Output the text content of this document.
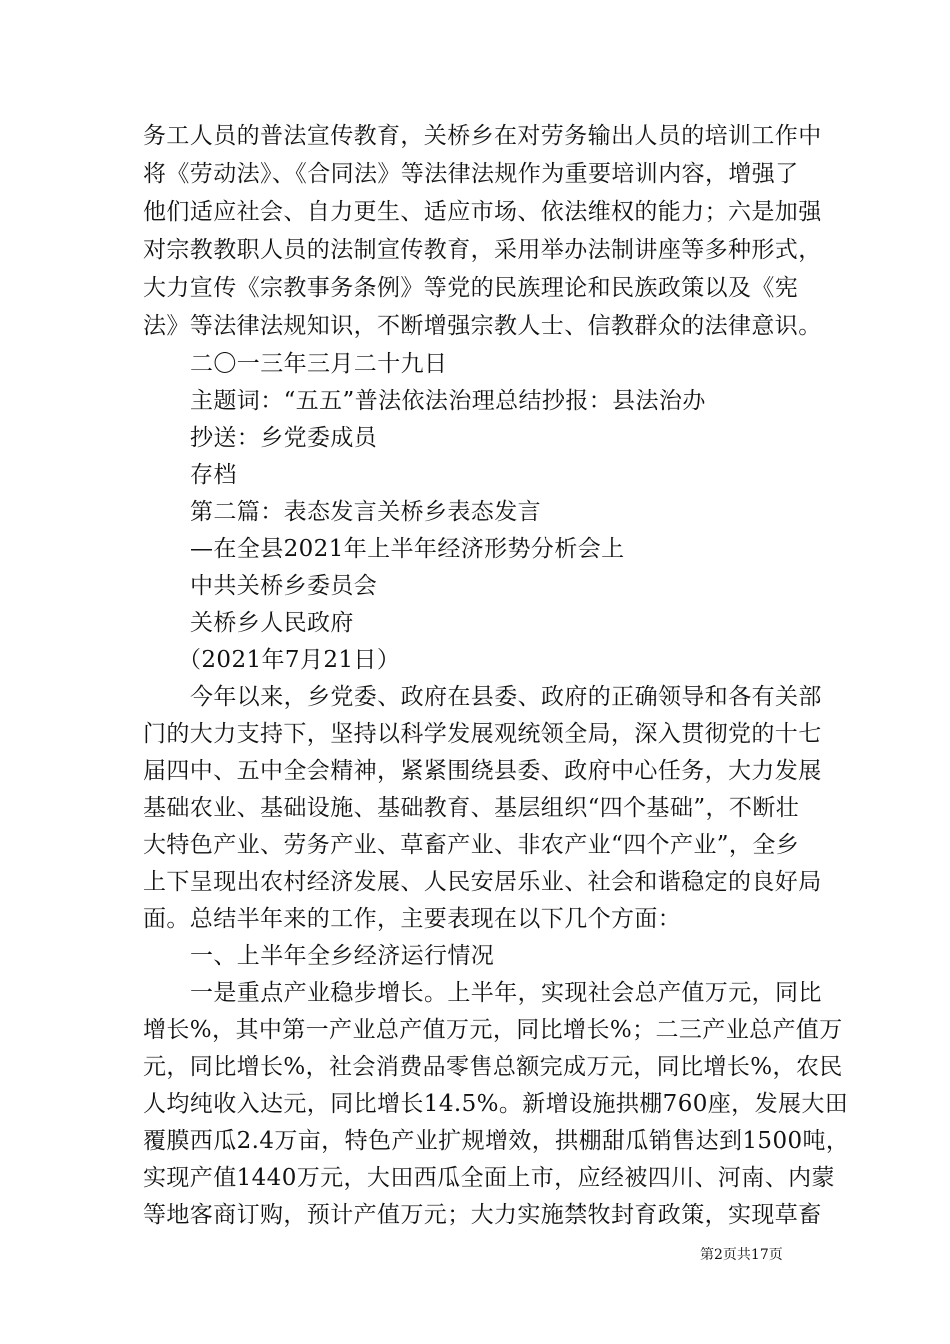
务工人员的普法宣传教育，关桥乡在对劳务输出人员的培训工作中
将《劳动法》、《合同法》等法律法规作为重要培训内容，增强了
他们适应社会、自力更生、适应市场、依法维权的能力；六是加强
对宗教教职人员的法制宣传教育，采用举办法制讲座等多种形式，
大力宣传《宗教事务条例》等党的民族理论和民族政策以及《宪
法》等法律法规知识，不断增强宗教人士、信教群众的法律意识。
二〇一三年三月二十九日
主题词：“五五”普法依法治理总结抄报：县法治办
抄送：乡党委成员
存档
第二篇：表态发言关桥乡表态发言
—在全县2021年上半年经济形势分析会上
中共关桥乡委员会
关桥乡人民政府
（2021年7月21日）
今年以来，乡党委、政府在县委、政府的正确领导和各有关部
门的大力支持下，坚持以科学发展观统领全局，深入贯彻党的十七
届四中、五中全会精神，紧紧围绕县委、政府中心任务，大力发展
基础农业、基础设施、基础教育、基层组织“四个基础”，不断壮
大特色产业、劳务产业、草畜产业、非农产业“四个产业”，全乡
上下呈现出农村经济发展、人民安居乐业、社会和谐稳定的良好局
面。总结半年来的工作，主要表现在以下几个方面：
一、上半年全乡经济运行情况
一是重点产业稳步增长。上半年，实现社会总产值万元，同比
增长%，其中第一产业总产值万元，同比增长%；二三产业总产值万
元，同比增长%，社会消费品零售总额完成万元，同比增长%，农民
人均纯收入达元，同比增长14.5%。新增设施拱棚760座，发展大田
覆膜西瓜2.4万亩，特色产业扩规增效，拱棚甜瓜销售达到1500吨，
实现产值1440万元，大田西瓜全面上市，应经被四川、河南、内蒙
等地客商订购，预计产值万元；大力实施禁牧封育政策，实现草畜
第2页共17页
